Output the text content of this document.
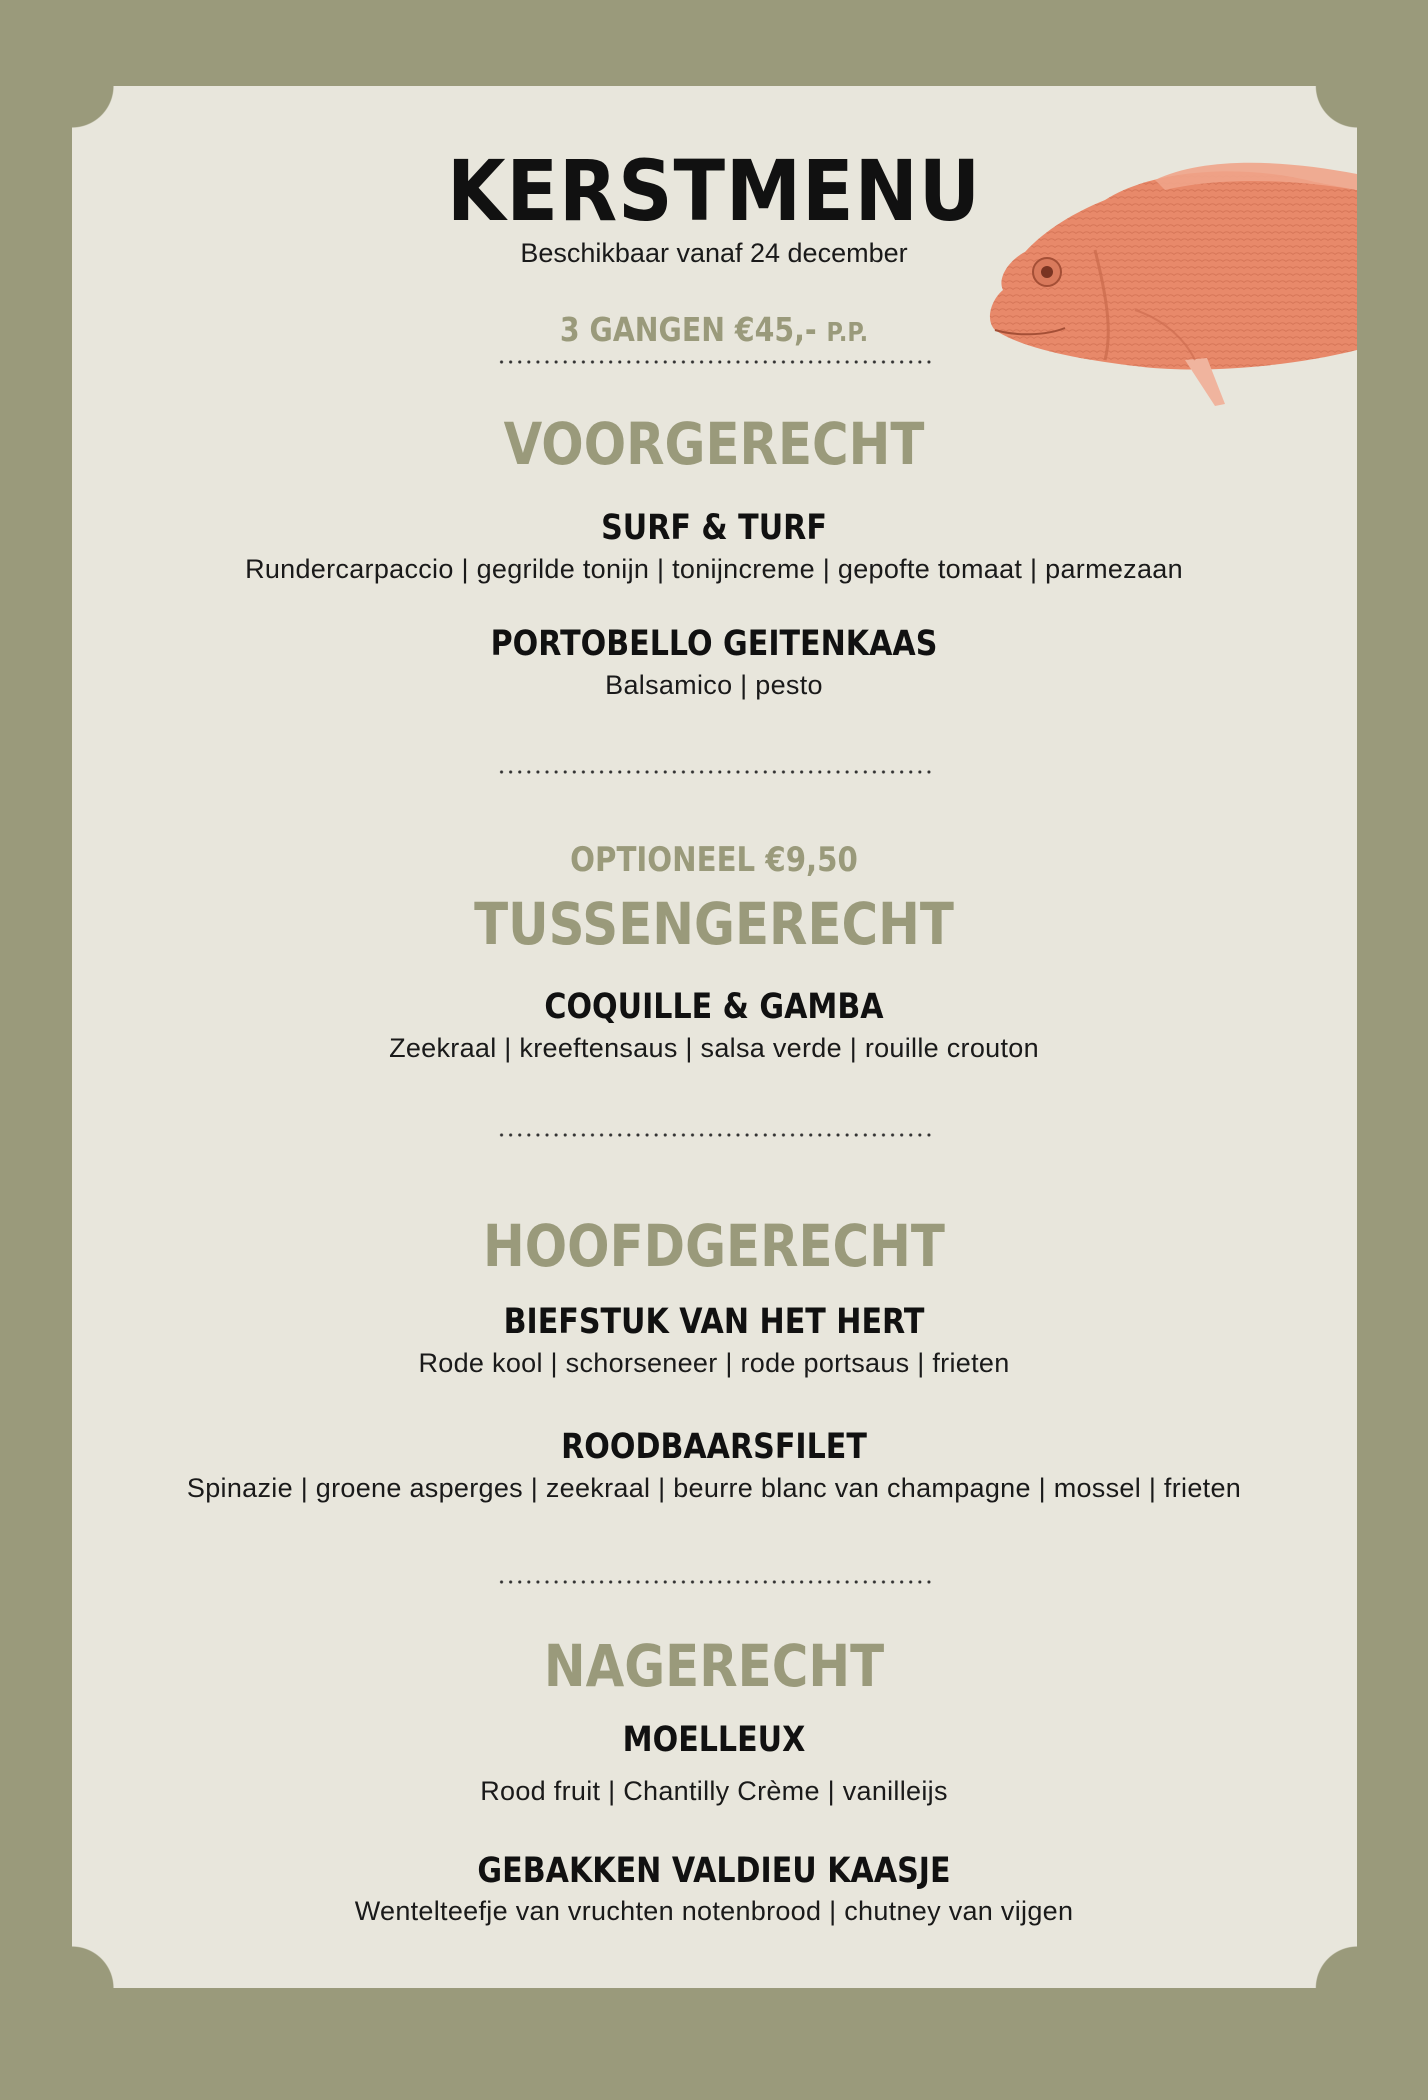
KERSTMENU
Beschikbaar vanaf 24 december
3 GANGEN €45,- P.P.
VOORGERECHT
SURF & TURF
Rundercarpaccio | gegrilde tonijn | tonijncreme | gepofte tomaat | parmezaan
PORTOBELLO GEITENKAAS
Balsamico | pesto
OPTIONEEL €9,50
TUSSENGERECHT
COQUILLE & GAMBA
Zeekraal | kreeftensaus | salsa verde | rouille crouton
HOOFDGERECHT
BIEFSTUK VAN HET HERT
Rode kool | schorseneer | rode portsaus | frieten
ROODBAARSFILET
Spinazie | groene asperges | zeekraal | beurre blanc van champagne | mossel | frieten
NAGERECHT
MOELLEUX
Rood fruit | Chantilly Crème | vanilleijs
GEBAKKEN VALDIEU KAASJE
Wentelteefje van vruchten notenbrood | chutney van vijgen
